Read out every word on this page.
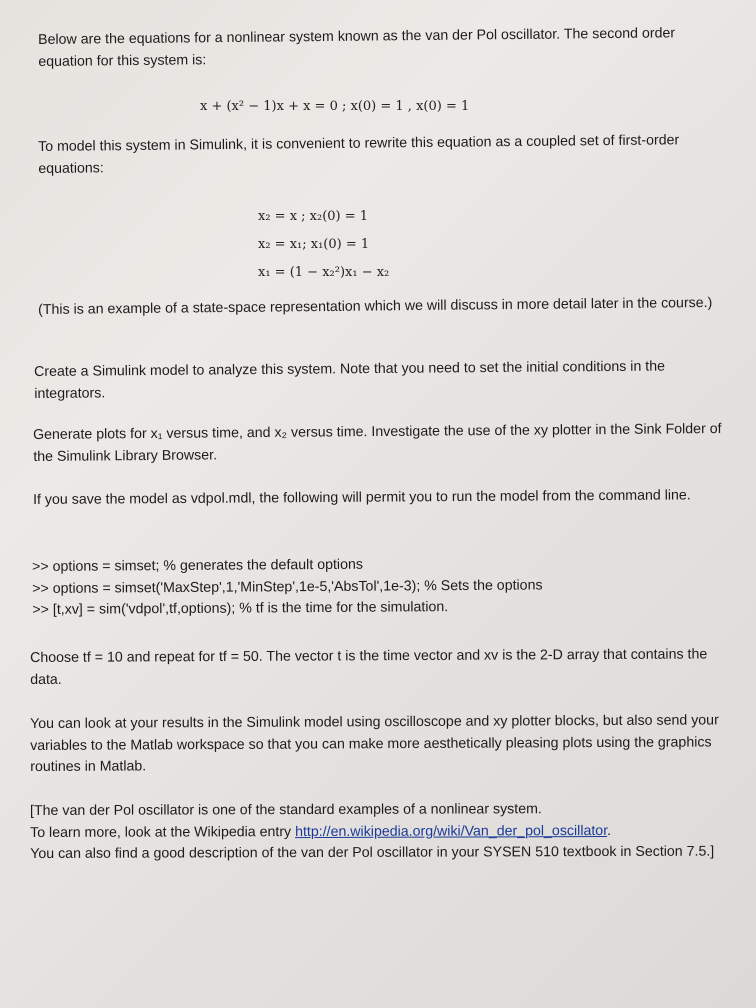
Below are the equations for a nonlinear system known as the van der Pol oscillator. The second order equation for this system is:
x + (x² − 1)x + x = 0 ; x(0) = 1 , x(0) = 1
To model this system in Simulink, it is convenient to rewrite this equation as a coupled set of first-order equations:
x₂ = x ; x₂(0) = 1
x₂ = x₁; x₁(0) = 1
x₁ = (1 − x₂²)x₁ − x₂
(This is an example of a state-space representation which we will discuss in more detail later in the course.)
Create a Simulink model to analyze this system. Note that you need to set the initial conditions in the integrators.
Generate plots for x₁ versus time, and x₂ versus time. Investigate the use of the xy plotter in the Sink Folder of the Simulink Library Browser.
If you save the model as vdpol.mdl, the following will permit you to run the model from the command line.
>> options = simset; % generates the default options
>> options = simset('MaxStep',1,'MinStep',1e-5,'AbsTol',1e-3); % Sets the options
>> [t,xv] = sim('vdpol',tf,options); % tf is the time for the simulation.
Choose tf = 10 and repeat for tf = 50. The vector t is the time vector and xv is the 2-D array that contains the data.
You can look at your results in the Simulink model using oscilloscope and xy plotter blocks, but also send your variables to the Matlab workspace so that you can make more aesthetically pleasing plots using the graphics routines in Matlab.
[The van der Pol oscillator is one of the standard examples of a nonlinear system.
To learn more, look at the Wikipedia entry http://en.wikipedia.org/wiki/Van_der_pol_oscillator.
You can also find a good description of the van der Pol oscillator in your SYSEN 510 textbook in Section 7.5.]
